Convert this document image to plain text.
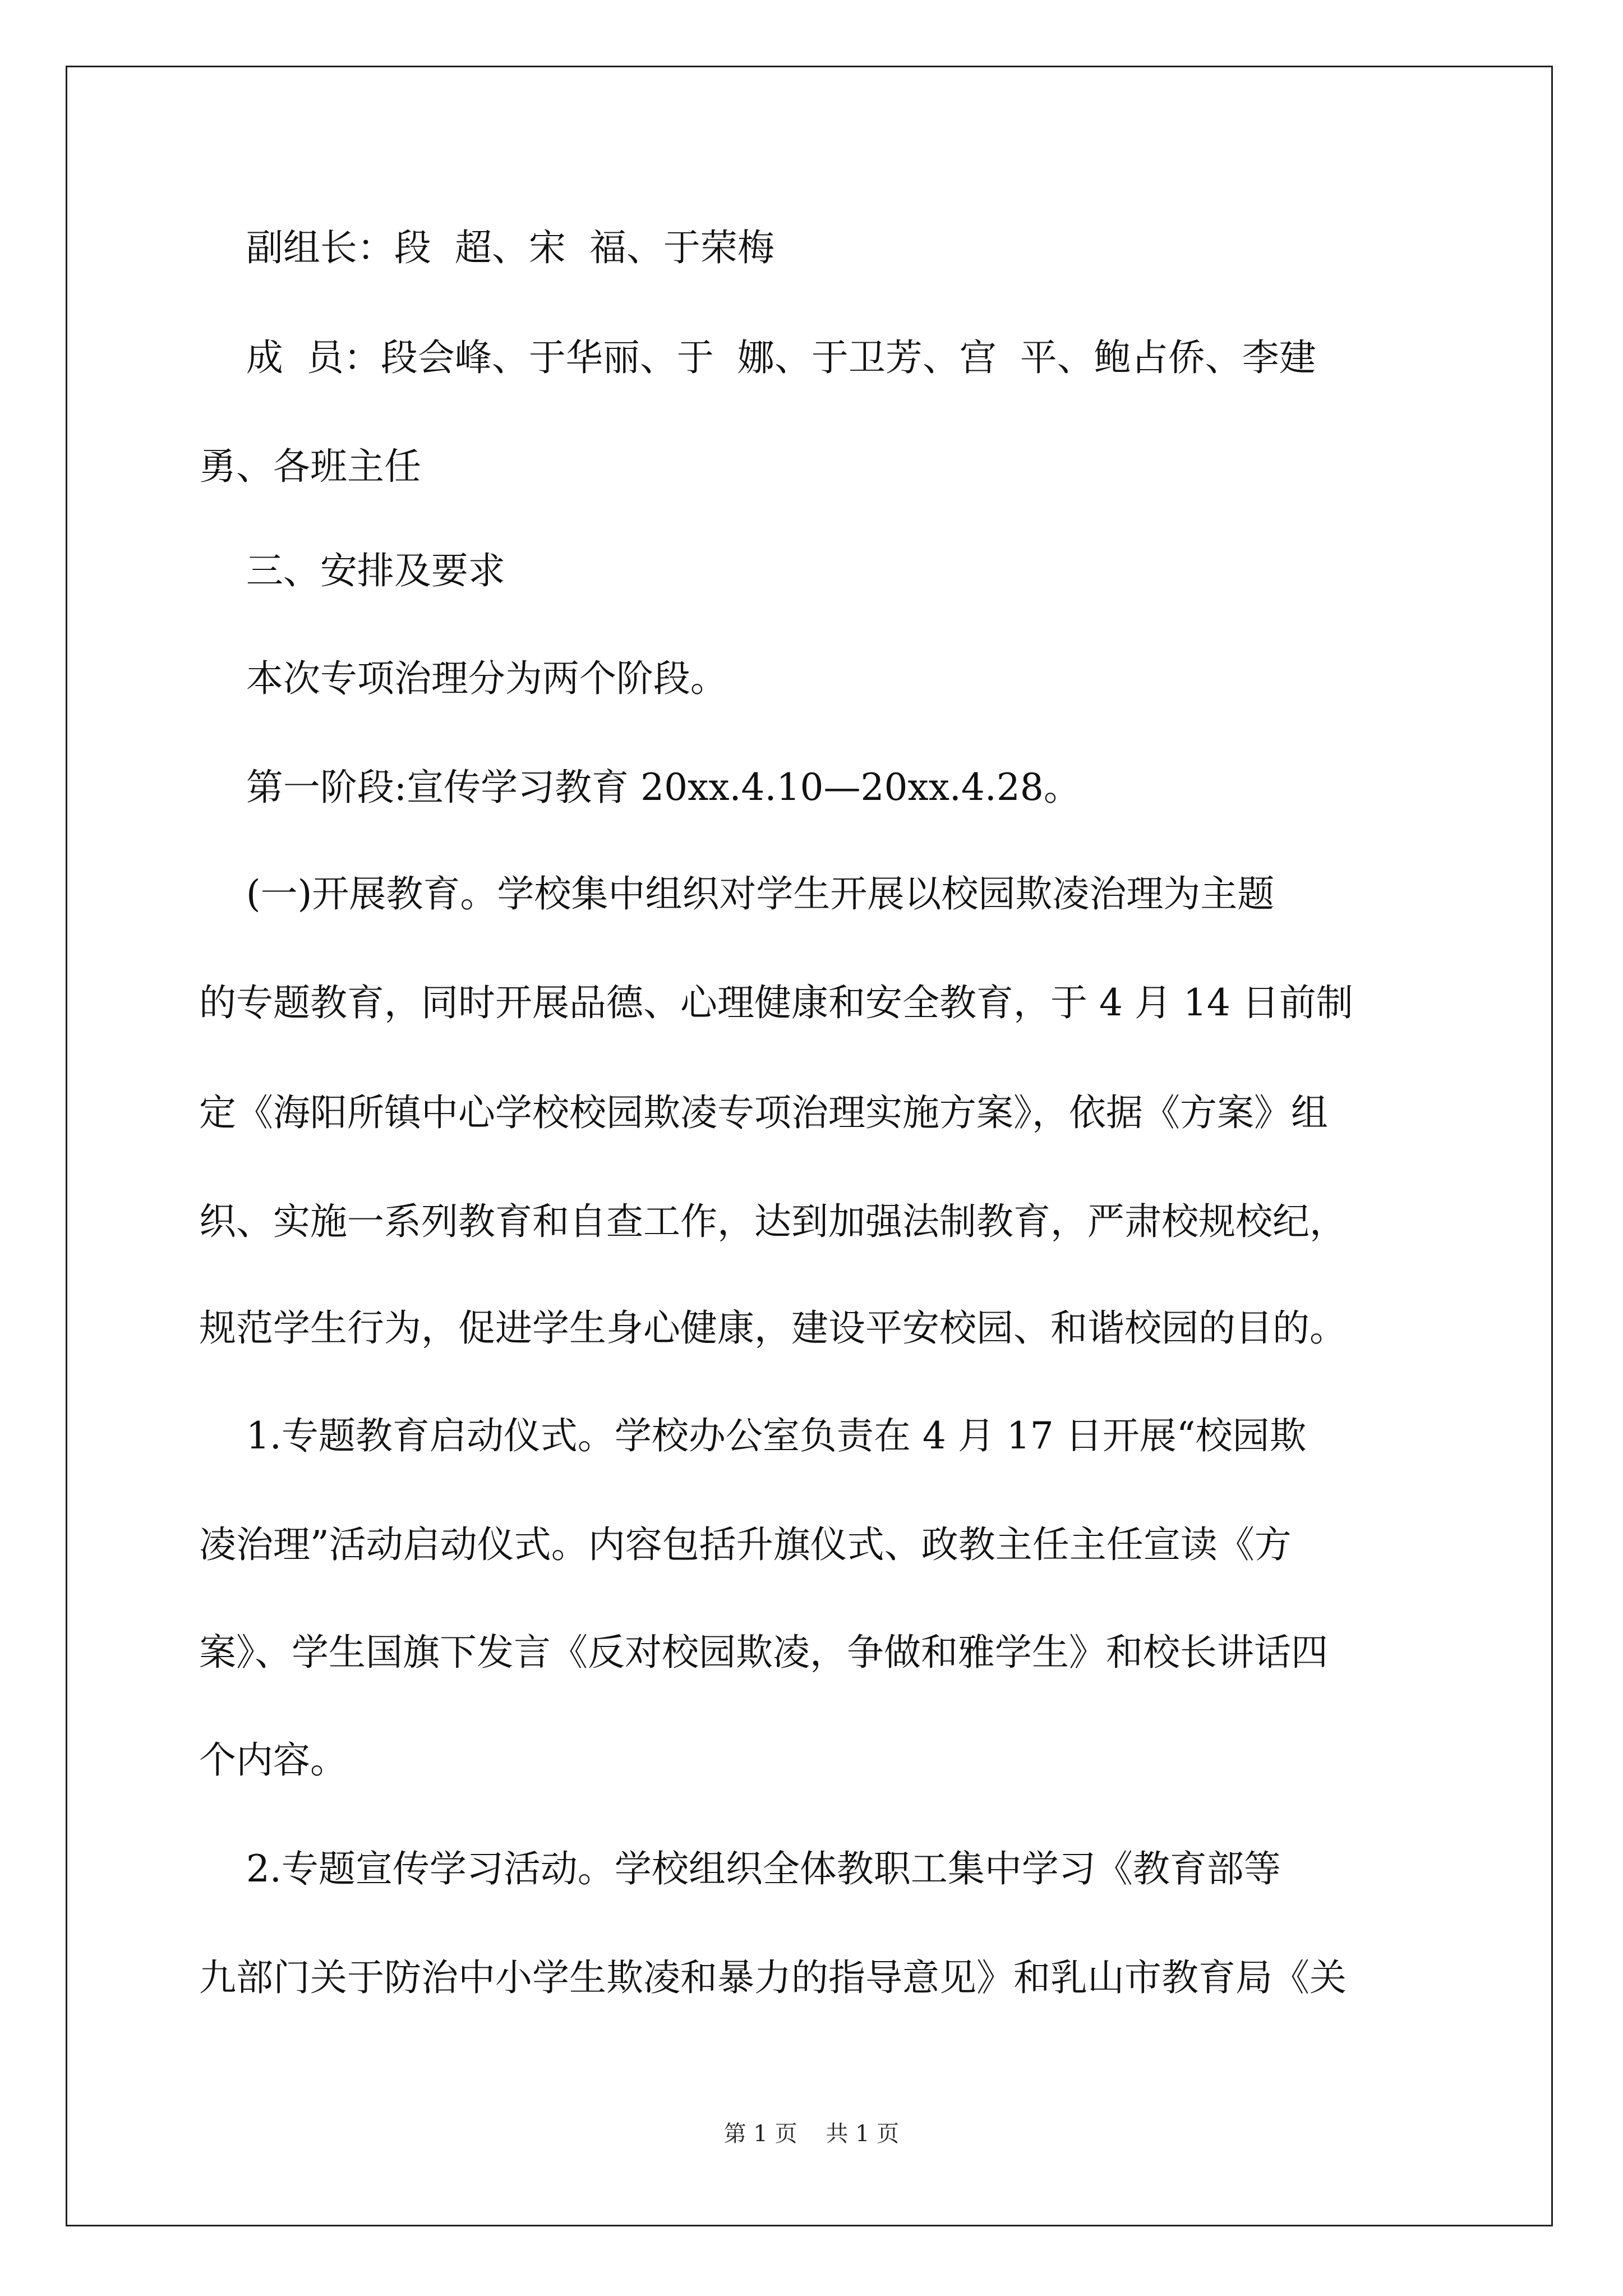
副组长：段  超、宋  福、于荣梅
成  员：段会峰、于华丽、于  娜、于卫芳、宫  平、鲍占侨、李建
勇、各班主任
三、安排及要求
本次专项治理分为两个阶段。
第一阶段:宣传学习教育 20xx.4.10—20xx.4.28。
(一)开展教育。学校集中组织对学生开展以校园欺凌治理为主题
的专题教育，同时开展品德、心理健康和安全教育，于 4 月 14 日前制
定《海阳所镇中心学校校园欺凌专项治理实施方案》，依据《方案》组
织、实施一系列教育和自查工作，达到加强法制教育，严肃校规校纪，
规范学生行为，促进学生身心健康，建设平安校园、和谐校园的目的。
1.专题教育启动仪式。学校办公室负责在 4 月 17 日开展“校园欺
凌治理”活动启动仪式。内容包括升旗仪式、政教主任主任宣读《方
案》、学生国旗下发言《反对校园欺凌，争做和雅学生》和校长讲话四
个内容。
2.专题宣传学习活动。学校组织全体教职工集中学习《教育部等
九部门关于防治中小学生欺凌和暴力的指导意见》和乳山市教育局《关
第 1 页    共 1 页
